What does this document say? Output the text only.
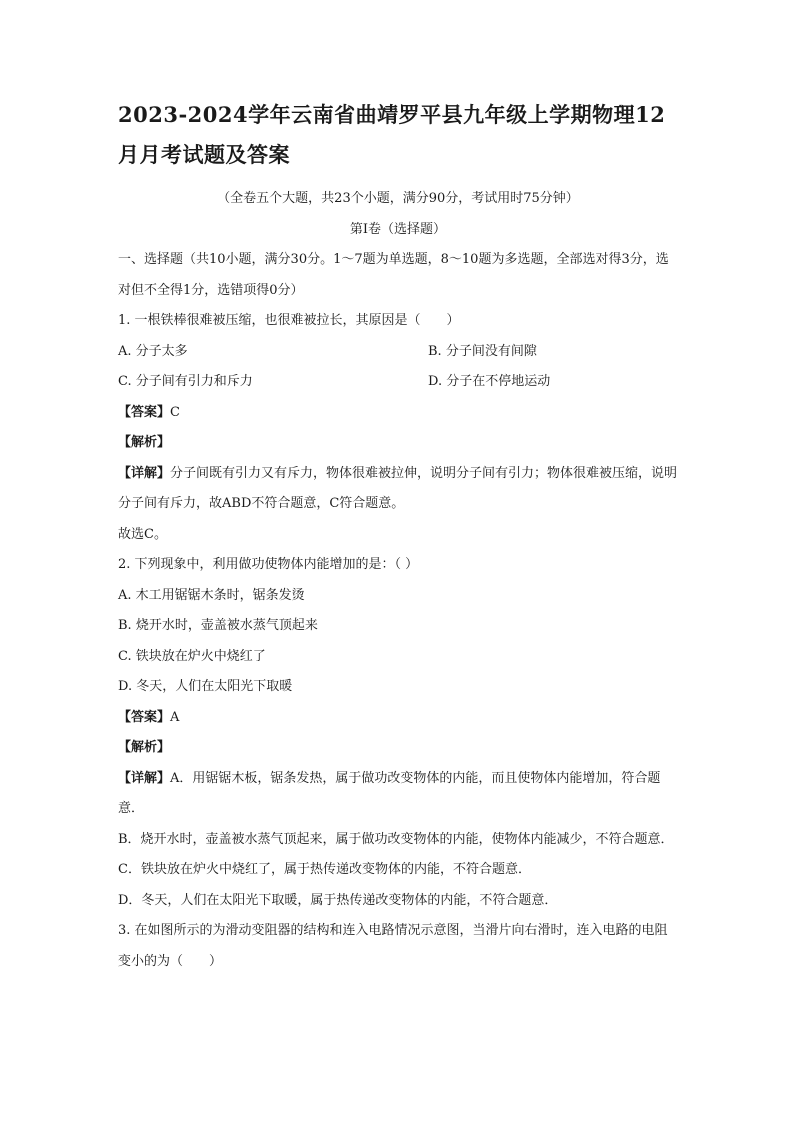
2023-2024学年云南省曲靖罗平县九年级上学期物理12月月考试题及答案
（全卷五个大题，共23个小题，满分90分，考试用时75分钟）
第Ⅰ卷（选择题）

一、选择题（共10小题，满分30分。1～7题为单选题，8～10题为多选题，全部选对得3分，选对但不全得1分，选错项得0分）

1. 一根铁棒很难被压缩，也很难被拉长，其原因是（　　）

A. 分子太多	B. 分子间没有间隙
C. 分子间有引力和斥力	D. 分子在不停地运动

【答案】C

【解析】

【详解】分子间既有引力又有斥力，物体很难被拉伸，说明分子间有引力；物体很难被压缩，说明分子间有斥力，故ABD不符合题意，C符合题意。

故选C。

2. 下列现象中，利用做功使物体内能增加的是：（ ）

A. 木工用锯锯木条时，锯条发烫

B. 烧开水时，壶盖被水蒸气顶起来

C. 铁块放在炉火中烧红了

D. 冬天，人们在太阳光下取暖

【答案】A

【解析】

【详解】A．用锯锯木板，锯条发热，属于做功改变物体的内能，而且使物体内能增加，符合题意．

B．烧开水时，壶盖被水蒸气顶起来，属于做功改变物体的内能，使物体内能减少，不符合题意．

C．铁块放在炉火中烧红了，属于热传递改变物体的内能，不符合题意．

D．冬天，人们在太阳光下取暖，属于热传递改变物体的内能，不符合题意．

3. 在如图所示的为滑动变阻器的结构和连入电路情况示意图，当滑片向右滑时，连入电路的电阻变小的为（　　）
